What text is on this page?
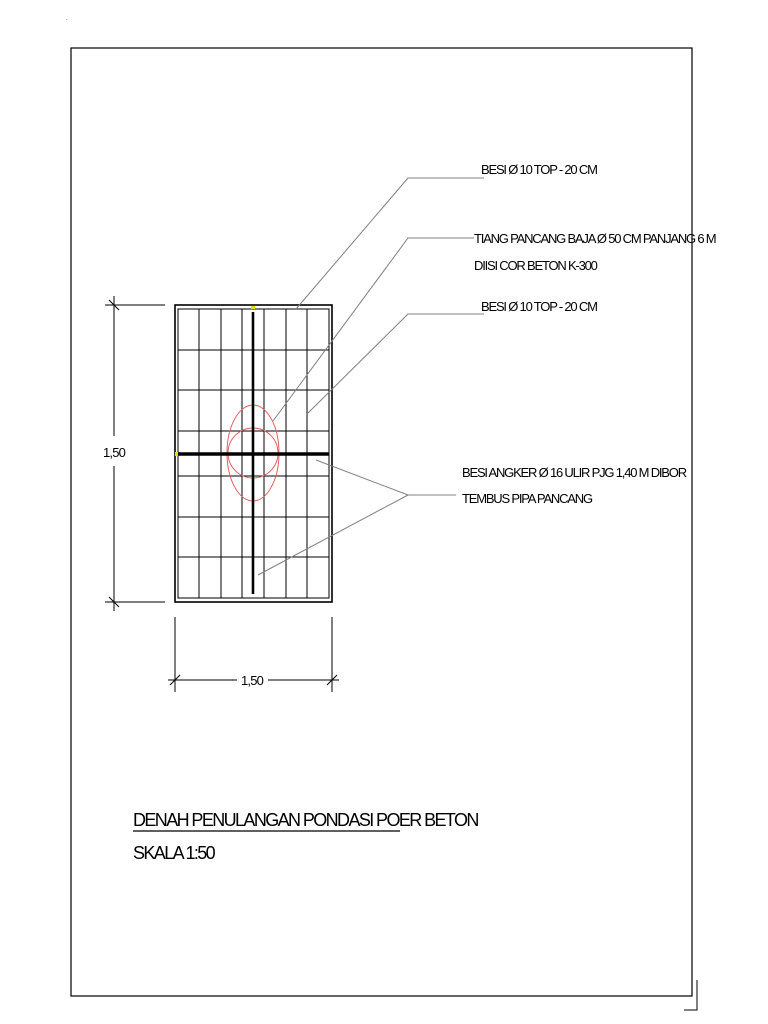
.
1,50
1,50
BESI Ø 10 TOP - 20 CM
TIANG PANCANG BAJA Ø 50 CM PANJANG 6 M
DIISI COR BETON K-300
BESI Ø 10 TOP - 20 CM
BESI ANGKER Ø 16 ULIR PJG 1,40 M DIBOR
TEMBUS PIPA PANCANG
DENAH PENULANGAN PONDASI POER BETON
SKALA 1:50
